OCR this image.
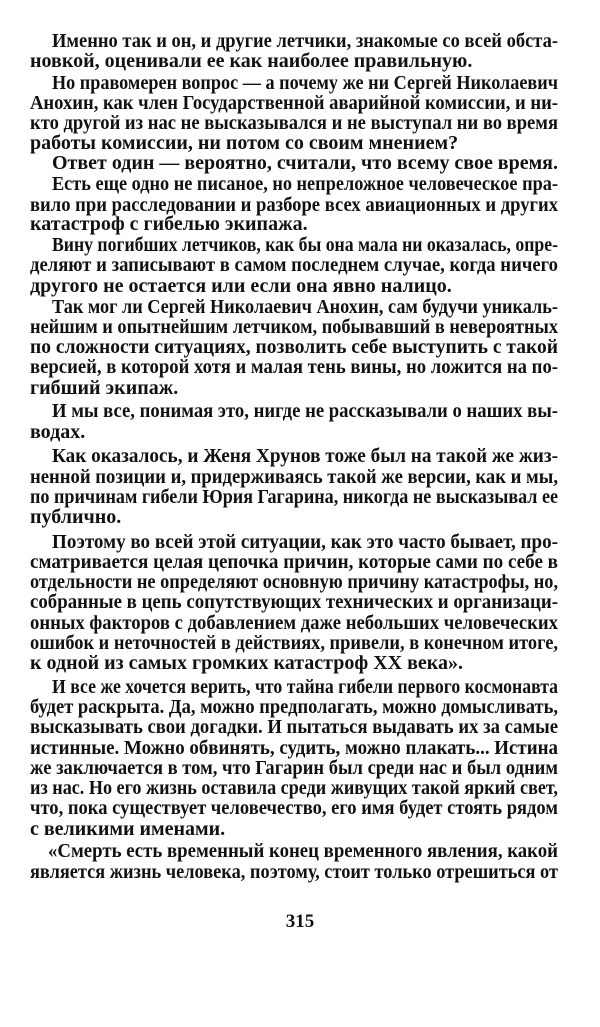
Именно так и он, и другие летчики, знакомые со всей обста-
новкой, оценивали ее как наиболее правильную.
Но правомерен вопрос — а почему же ни Сергей Николаевич
Анохин, как член Государственной аварийной комиссии, и ни-
кто другой из нас не высказывался и не выступал ни во время
работы комиссии, ни потом со своим мнением?
Ответ один — вероятно, считали, что всему свое время.
Есть еще одно не писаное, но непреложное человеческое пра-
вило при расследовании и разборе всех авиационных и других
катастроф с гибелью экипажа.
Вину погибших летчиков, как бы она мала ни оказалась, опре-
деляют и записывают в самом последнем случае, когда ничего
другого не остается или если она явно налицо.
Так мог ли Сергей Николаевич Анохин, сам будучи уникаль-
нейшим и опытнейшим летчиком, побывавший в невероятных
по сложности ситуациях, позволить себе выступить с такой
версией, в которой хотя и малая тень вины, но ложится на по-
гибший экипаж.
И мы все, понимая это, нигде не рассказывали о наших вы-
водах.
Как оказалось, и Женя Хрунов тоже был на такой же жиз-
ненной позиции и, придерживаясь такой же версии, как и мы,
по причинам гибели Юрия Гагарина, никогда не высказывал ее
публично.
Поэтому во всей этой ситуации, как это часто бывает, про-
сматривается целая цепочка причин, которые сами по себе в
отдельности не определяют основную причину катастрофы, но,
собранные в цепь сопутствующих технических и организаци-
онных факторов с добавлением даже небольших человеческих
ошибок и неточностей в действиях, привели, в конечном итоге,
к одной из самых громких катастроф XX века».
И все же хочется верить, что тайна гибели первого космонавта
будет раскрыта. Да, можно предполагать, можно домысливать,
высказывать свои догадки. И пытаться выдавать их за самые
истинные. Можно обвинять, судить, можно плакать... Истина
же заключается в том, что Гагарин был среди нас и был одним
из нас. Но его жизнь оставила среди живущих такой яркий свет,
что, пока существует человечество, его имя будет стоять рядом
с великими именами.
«Смерть есть временный конец временного явления, какой
является жизнь человека, поэтому, стоит только отрешиться от
315
